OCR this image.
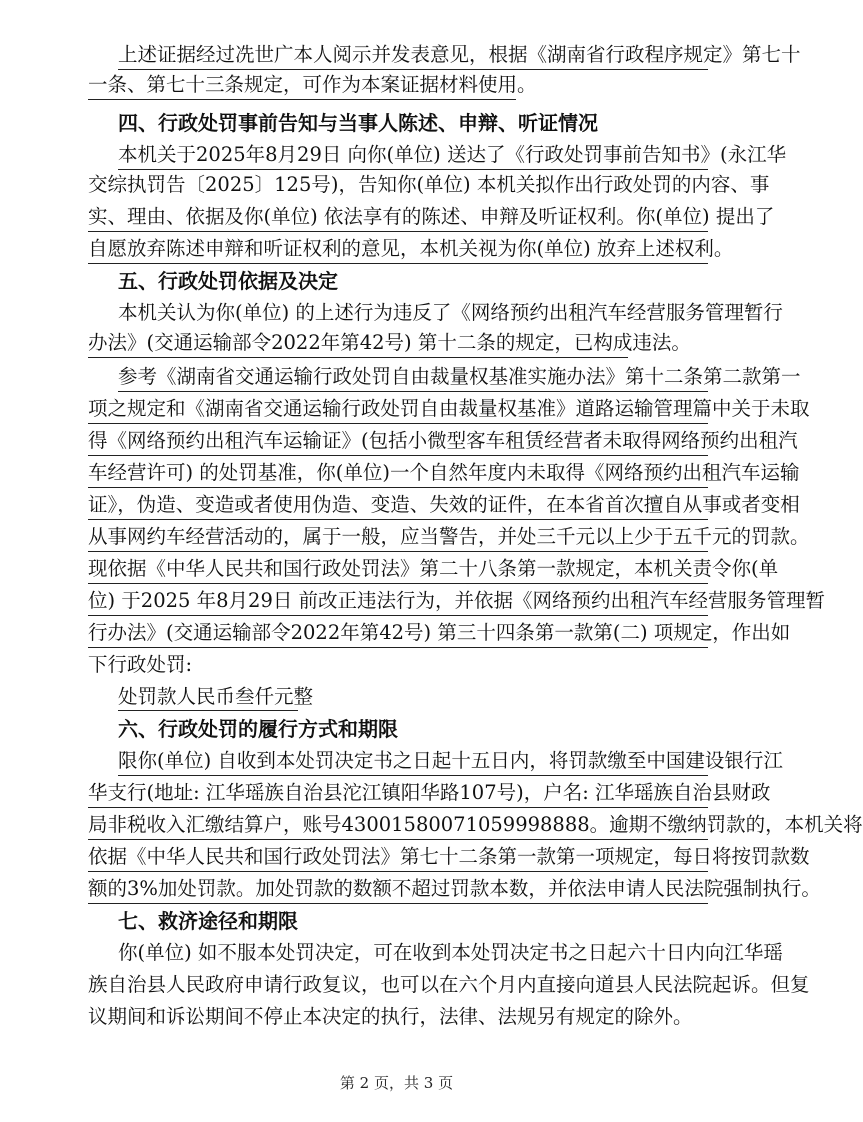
上述证据经过冼世广本人阅示并发表意见，根据《湖南省行政程序规定》第七十
一条、第七十三条规定，可作为本案证据材料使用。
四、行政处罚事前告知与当事人陈述、申辩、听证情况
本机关于2025年8月29日 向你(单位) 送达了《行政处罚事前告知书》(永江华
交综执罚告〔2025〕125号)，告知你(单位) 本机关拟作出行政处罚的内容、事
实、理由、依据及你(单位) 依法享有的陈述、申辩及听证权利。你(单位) 提出了
自愿放弃陈述申辩和听证权利的意见，本机关视为你(单位) 放弃上述权利。
五、行政处罚依据及决定
本机关认为你(单位) 的上述行为违反了《网络预约出租汽车经营服务管理暂行
办法》(交通运输部令2022年第42号) 第十二条的规定，已构成违法。
参考《湖南省交通运输行政处罚自由裁量权基准实施办法》第十二条第二款第一
项之规定和《湖南省交通运输行政处罚自由裁量权基准》道路运输管理篇中关于未取
得《网络预约出租汽车运输证》(包括小微型客车租赁经营者未取得网络预约出租汽
车经营许可) 的处罚基准，你(单位)一个自然年度内未取得《网络预约出租汽车运输
证》，伪造、变造或者使用伪造、变造、失效的证件，在本省首次擅自从事或者变相
从事网约车经营活动的，属于一般，应当警告，并处三千元以上少于五千元的罚款。
现依据《中华人民共和国行政处罚法》第二十八条第一款规定，本机关责令你(单
位) 于2025 年8月29日 前改正违法行为，并依据《网络预约出租汽车经营服务管理暂
行办法》(交通运输部令2022年第42号) 第三十四条第一款第(二) 项规定，作出如
下行政处罚:
处罚款人民币叁仟元整
六、行政处罚的履行方式和期限
限你(单位) 自收到本处罚决定书之日起十五日内，将罚款缴至中国建设银行江
华支行(地址: 江华瑶族自治县沱江镇阳华路107号)，户名: 江华瑶族自治县财政
局非税收入汇缴结算户，账号43001580071059998888。逾期不缴纳罚款的，本机关将
依据《中华人民共和国行政处罚法》第七十二条第一款第一项规定，每日将按罚款数
额的3%加处罚款。加处罚款的数额不超过罚款本数，并依法申请人民法院强制执行。
七、救济途径和期限
你(单位) 如不服本处罚决定，可在收到本处罚决定书之日起六十日内向江华瑶
族自治县人民政府申请行政复议，也可以在六个月内直接向道县人民法院起诉。但复
议期间和诉讼期间不停止本决定的执行，法律、法规另有规定的除外。
第 2 页，共 3 页
